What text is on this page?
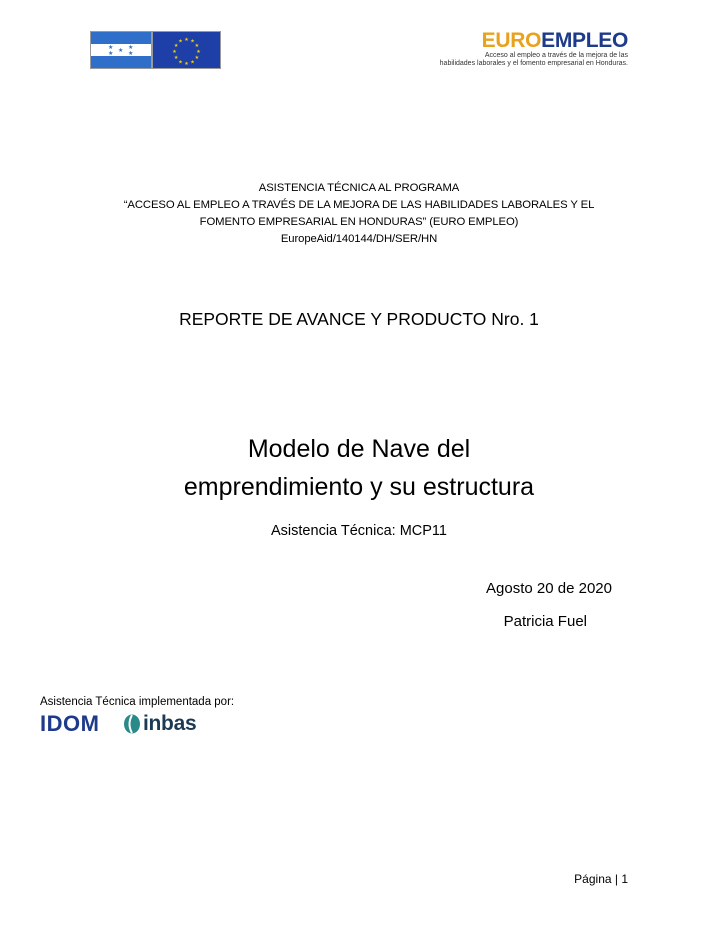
★ ★
★
★ ★
★ ★
★
★
★
★
★
★
★
★
★
★	EUROEMPLEO
Acceso al empleo a través de la mejora de las
habilidades laborales y el fomento empresarial en Honduras.
ASISTENCIA TÉCNICA AL PROGRAMA
“ACCESO AL EMPLEO A TRAVÉS DE LA MEJORA DE LAS HABILIDADES LABORALES Y EL
FOMENTO EMPRESARIAL EN HONDURAS” (EURO EMPLEO)
EuropeAid/140144/DH/SER/HN
REPORTE DE AVANCE Y PRODUCTO Nro. 1
Modelo de Nave del
emprendimiento y su estructura
Asistencia Técnica: MCP11
Agosto 20 de 2020
Patricia Fuel
Asistencia Técnica implementada por:
IDOM inbas
Página | 1
